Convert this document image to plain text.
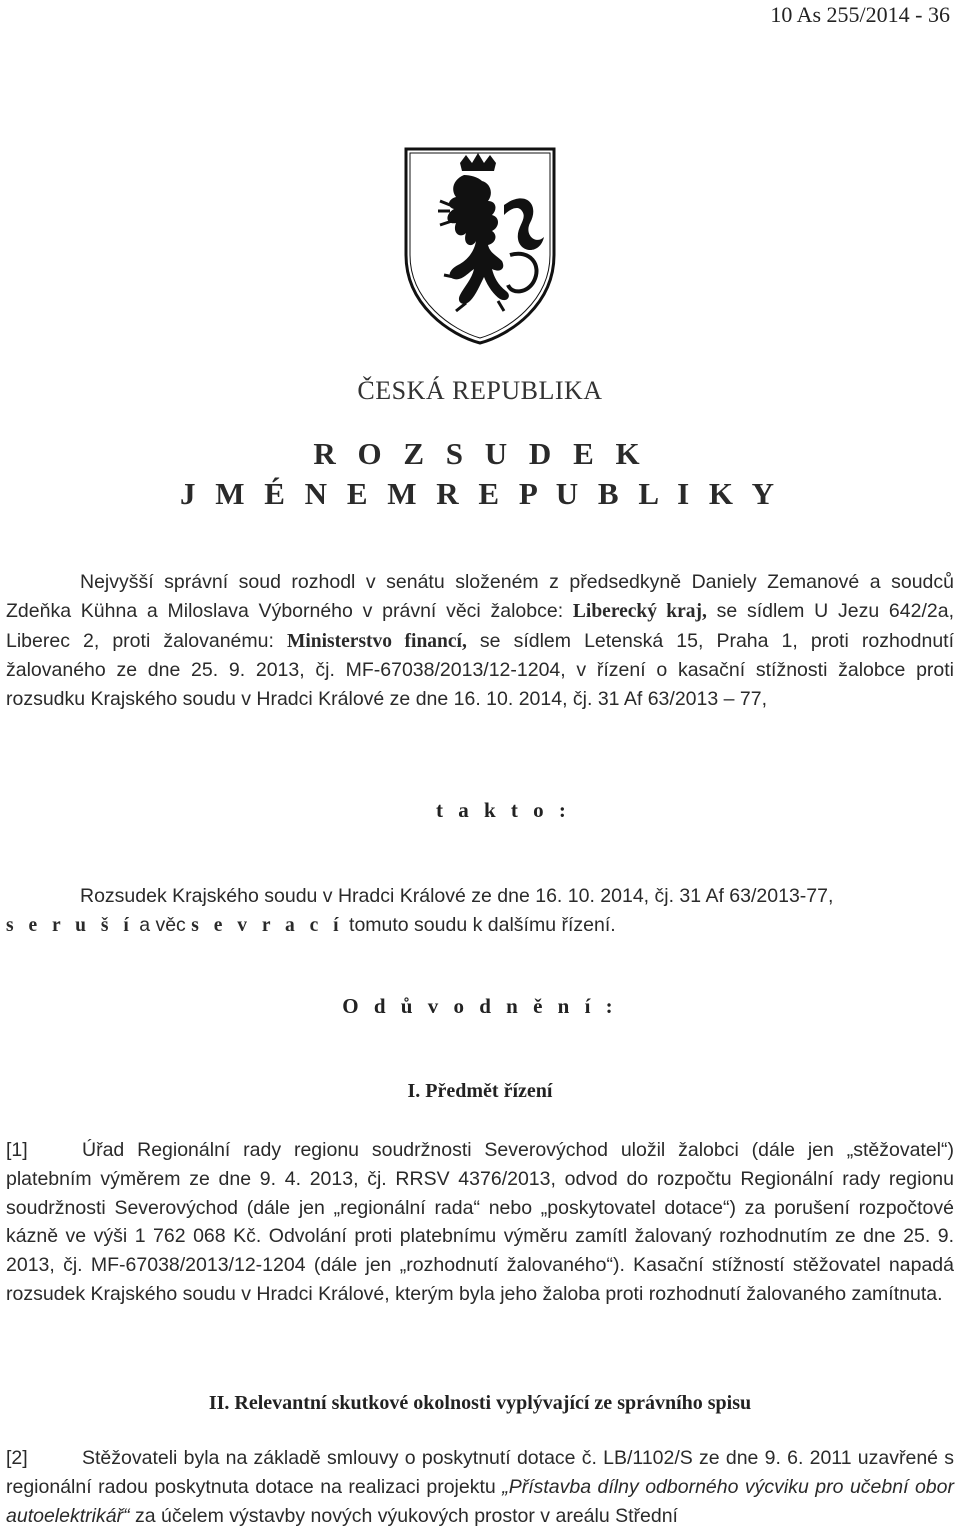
10 As 255/2014 - 36
ČESKÁ REPUBLIKA
R O Z S U D E K
J M É N E M R E P U B L I K Y
Nejvyšší správní soud rozhodl v senátu složeném z předsedkyně Daniely Zemanové a soudců Zdeňka Kühna a Miloslava Výborného v právní věci žalobce: Liberecký kraj, se sídlem U Jezu 642/2a, Liberec 2, proti žalovanému: Ministerstvo financí, se sídlem Letenská 15, Praha 1, proti rozhodnutí žalovaného ze dne 25. 9. 2013, čj. MF-67038/2013/12-1204, v řízení o kasační stížnosti žalobce proti rozsudku Krajského soudu v Hradci Králové ze dne 16. 10. 2014, čj. 31 Af 63/2013 – 77,
t a k t o :
Rozsudek Krajského soudu v Hradci Králové ze dne 16. 10. 2014, čj. 31 Af 63/2013-77,
s e r u š í a věc s e v r a c í tomuto soudu k dalšímu řízení.
O d ů v o d n ě n í :
I. Předmět řízení
[1]	Úřad Regionální rady regionu soudržnosti Severovýchod uložil žalobci (dále jen „stěžovatel“) platebním výměrem ze dne 9. 4. 2013, čj. RRSV 4376/2013, odvod do rozpočtu Regionální rady regionu soudržnosti Severovýchod (dále jen „regionální rada“ nebo „poskytovatel dotace“) za porušení rozpočtové kázně ve výši 1 762 068 Kč. Odvolání proti platebnímu výměru zamítl žalovaný rozhodnutím ze dne 25. 9. 2013, čj. MF-67038/2013/12-1204 (dále jen „rozhodnutí žalovaného“). Kasační stížností stěžovatel napadá rozsudek Krajského soudu v Hradci Králové, kterým byla jeho žaloba proti rozhodnutí žalovaného zamítnuta.
II. Relevantní skutkové okolnosti vyplývající ze správního spisu
[2]	Stěžovateli byla na základě smlouvy o poskytnutí dotace č. LB/1102/S ze dne 9. 6. 2011 uzavřené s regionální radou poskytnuta dotace na realizaci projektu „Přístavba dílny odborného výcviku pro učební obor autoelektrikář“ za účelem výstavby nových výukových prostor v areálu Střední
